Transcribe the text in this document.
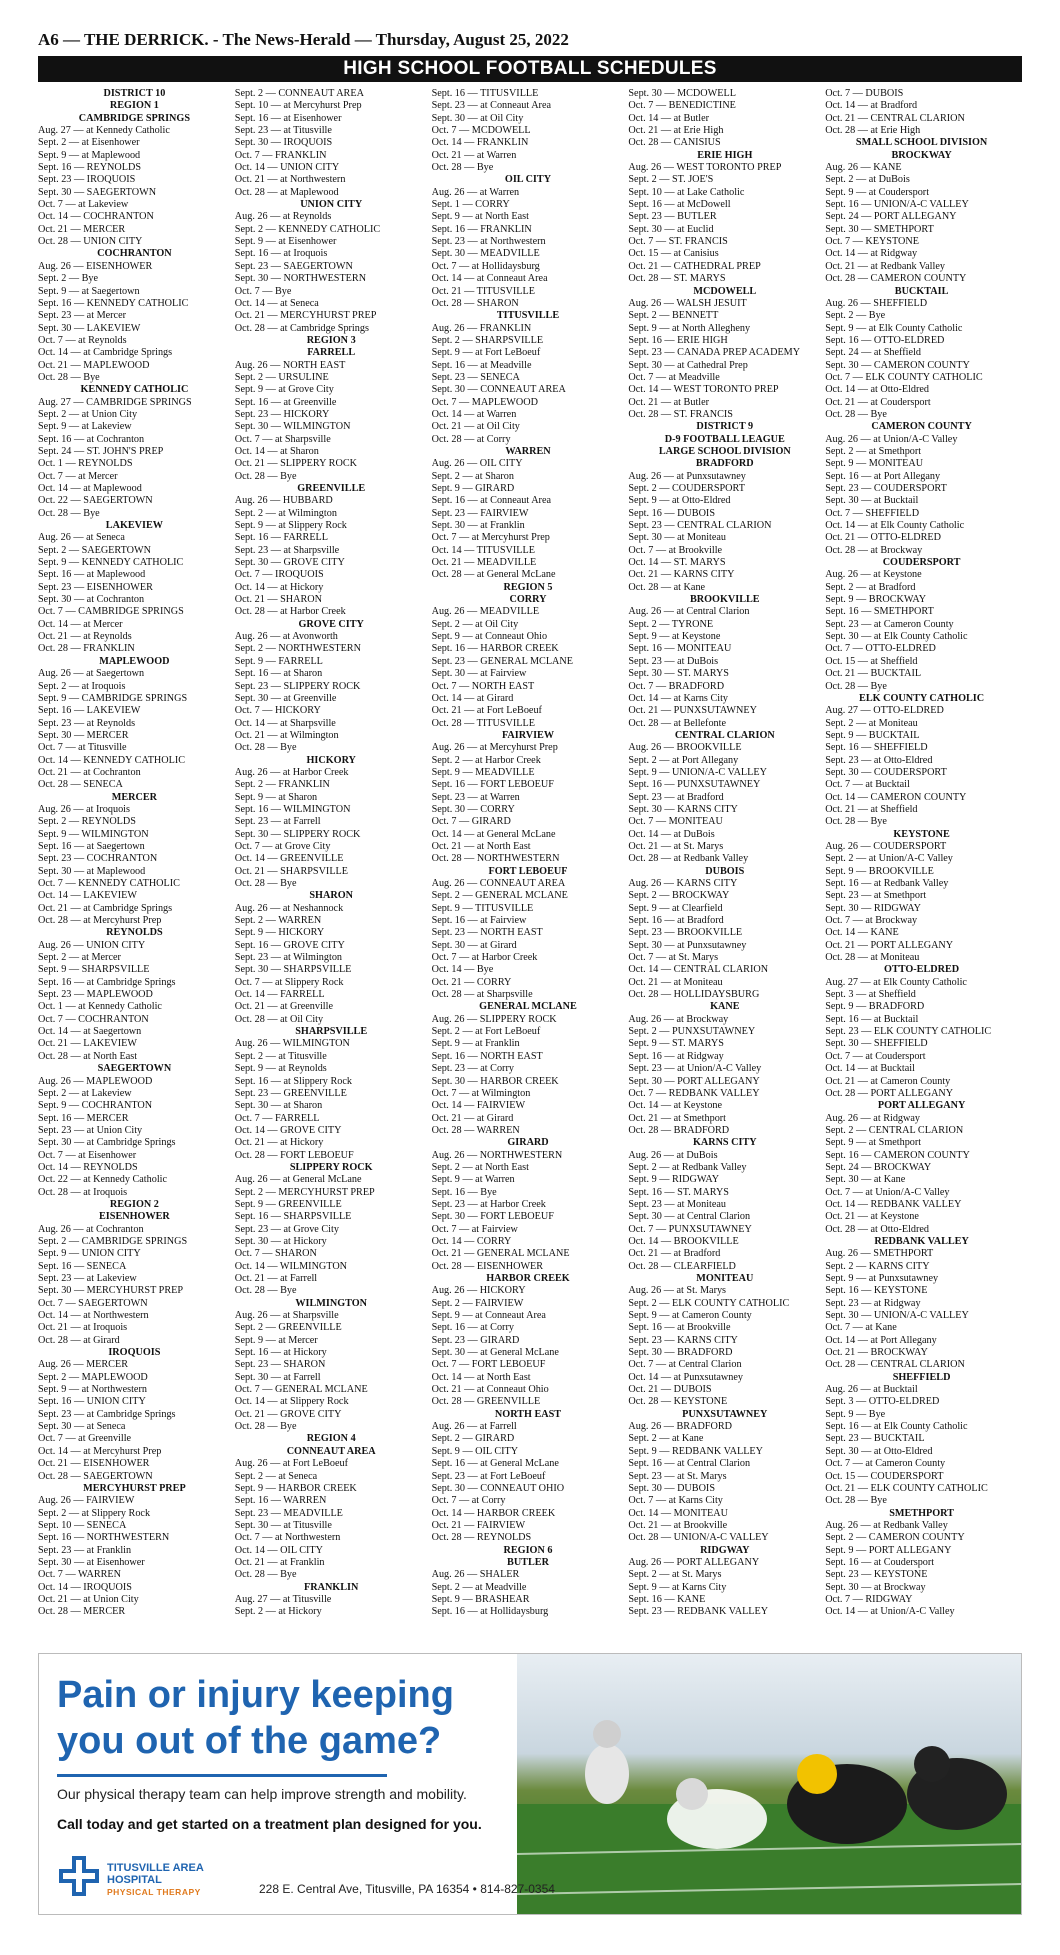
A6 — THE DERRICK. - The News-Herald — Thursday, August 25, 2022
HIGH SCHOOL FOOTBALL SCHEDULES
DISTRICT 10
REGION 1
CAMBRIDGE SPRINGS
Aug. 27 — at Kennedy Catholic
Sept. 2 — at Eisenhower
Sept. 9 — at Maplewood
Sept. 16 — REYNOLDS
Sept. 23 — IROQUOIS
Sept. 30 — SAEGERTOWN
Oct. 7 — at Lakeview
Oct. 14 — COCHRANTON
Oct. 21 — MERCER
Oct. 28 — UNION CITY
COCHRANTON
Aug. 26 — EISENHOWER
Sept. 2 — Bye
Sept. 9 — at Saegertown
Sept. 16 — KENNEDY CATHOLIC
Sept. 23 — at Mercer
Sept. 30 — LAKEVIEW
Oct. 7 — at Reynolds
Oct. 14 — at Cambridge Springs
Oct. 21 — MAPLEWOOD
Oct. 28 — Bye
KENNEDY CATHOLIC
Aug. 27 — CAMBRIDGE SPRINGS
Sept. 2 — at Union City
Sept. 9 — at Lakeview
Sept. 16 — at Cochranton
Sept. 24 — ST. JOHN'S PREP
Oct. 1 — REYNOLDS
Oct. 7 — at Mercer
Oct. 14 — at Maplewood
Oct. 22 — SAEGERTOWN
Oct. 28 — Bye
LAKEVIEW
Aug. 26 — at Seneca
Sept. 2 — SAEGERTOWN
Sept. 9 — KENNEDY CATHOLIC
Sept. 16 — at Maplewood
Sept. 23 — EISENHOWER
Sept. 30 — at Cochranton
Oct. 7 — CAMBRIDGE SPRINGS
Oct. 14 — at Mercer
Oct. 21 — at Reynolds
Oct. 28 — FRANKLIN
MAPLEWOOD
Aug. 26 — at Saegertown
Sept. 2 — at Iroquois
Sept. 9 — CAMBRIDGE SPRINGS
Sept. 16 — LAKEVIEW
Sept. 23 — at Reynolds
Sept. 30 — MERCER
Oct. 7 — at Titusville
Oct. 14 — KENNEDY CATHOLIC
Oct. 21 — at Cochranton
Oct. 28 — SENECA
MERCER
Aug. 26 — at Iroquois
Sept. 2 — REYNOLDS
Sept. 9 — WILMINGTON
Sept. 16 — at Saegertown
Sept. 23 — COCHRANTON
Sept. 30 — at Maplewood
Oct. 7 — KENNEDY CATHOLIC
Oct. 14 — LAKEVIEW
Oct. 21 — at Cambridge Springs
Oct. 28 — at Mercyhurst Prep
REYNOLDS
Aug. 26 — UNION CITY
Sept. 2 — at Mercer
Sept. 9 — SHARPSVILLE
Sept. 16 — at Cambridge Springs
Sept. 23 — MAPLEWOOD
Oct. 1 — at Kennedy Catholic
Oct. 7 — COCHRANTON
Oct. 14 — at Saegertown
Oct. 21 — LAKEVIEW
Oct. 28 — at North East
SAEGERTOWN
Aug. 26 — MAPLEWOOD
Sept. 2 — at Lakeview
Sept. 9 — COCHRANTON
Sept. 16 — MERCER
Sept. 23 — at Union City
Sept. 30 — at Cambridge Springs
Oct. 7 — at Eisenhower
Oct. 14 — REYNOLDS
Oct. 22 — at Kennedy Catholic
Oct. 28 — at Iroquois
REGION 2
EISENHOWER
Aug. 26 — at Cochranton
Sept. 2 — CAMBRIDGE SPRINGS
Sept. 9 — UNION CITY
Sept. 16 — SENECA
Sept. 23 — at Lakeview
Sept. 30 — MERCYHURST PREP
Oct. 7 — SAEGERTOWN
Oct. 14 — at Northwestern
Oct. 21 — at Iroquois
Oct. 28 — at Girard
IROQUOIS
Aug. 26 — MERCER
Sept. 2 — MAPLEWOOD
Sept. 9 — at Northwestern
Sept. 16 — UNION CITY
Sept. 23 — at Cambridge Springs
Sept. 30 — at Seneca
Oct. 7 — at Greenville
Oct. 14 — at Mercyhurst Prep
Oct. 21 — EISENHOWER
Oct. 28 — SAEGERTOWN
MERCYHURST PREP
Aug. 26 — FAIRVIEW
Sept. 2 — at Slippery Rock
Sept. 10 — SENECA
Sept. 16 — NORTHWESTERN
Sept. 23 — at Franklin
Sept. 30 — at Eisenhower
Oct. 7 — WARREN
Oct. 14 — IROQUOIS
Oct. 21 — at Union City
Oct. 28 — MERCER
Sept. 2 — CONNEAUT AREA
Sept. 10 — at Mercyhurst Prep
Sept. 16 — at Eisenhower
Sept. 23 — at Titusville
Sept. 30 — IROQUOIS
Oct. 7 — FRANKLIN
Oct. 14 — UNION CITY
Oct. 21 — at Northwestern
Oct. 28 — at Maplewood
UNION CITY
Aug. 26 — at Reynolds
Sept. 2 — KENNEDY CATHOLIC
Sept. 9 — at Eisenhower
Sept. 16 — at Iroquois
Sept. 23 — SAEGERTOWN
Sept. 30 — NORTHWESTERN
Oct. 7 — Bye
Oct. 14 — at Seneca
Oct. 21 — MERCYHURST PREP
Oct. 28 — at Cambridge Springs
REGION 3
FARRELL
Aug. 26 — NORTH EAST
Sept. 2 — URSULINE
Sept. 9 — at Grove City
Sept. 16 — at Greenville
Sept. 23 — HICKORY
Sept. 30 — WILMINGTON
Oct. 7 — at Sharpsville
Oct. 14 — at Sharon
Oct. 21 — SLIPPERY ROCK
Oct. 28 — Bye
GREENVILLE
Aug. 26 — HUBBARD
Sept. 2 — at Wilmington
Sept. 9 — at Slippery Rock
Sept. 16 — FARRELL
Sept. 23 — at Sharpsville
Sept. 30 — GROVE CITY
Oct. 7 — IROQUOIS
Oct. 14 — at Hickory
Oct. 21 — SHARON
Oct. 28 — at Harbor Creek
GROVE CITY
Aug. 26 — at Avonworth
Sept. 2 — NORTHWESTERN
Sept. 9 — FARRELL
Sept. 16 — at Sharon
Sept. 23 — SLIPPERY ROCK
Sept. 30 — at Greenville
Oct. 7 — HICKORY
Oct. 14 — at Sharpsville
Oct. 21 — at Wilmington
Oct. 28 — Bye
HICKORY
Aug. 26 — at Harbor Creek
Sept. 2 — FRANKLIN
Sept. 9 — at Sharon
Sept. 16 — WILMINGTON
Sept. 23 — at Farrell
Sept. 30 — SLIPPERY ROCK
Oct. 7 — at Grove City
Oct. 14 — GREENVILLE
Oct. 21 — SHARPSVILLE
Oct. 28 — Bye
SHARON
Aug. 26 — at Neshannock
Sept. 2 — WARREN
Sept. 9 — HICKORY
Sept. 16 — GROVE CITY
Sept. 23 — at Wilmington
Sept. 30 — SHARPSVILLE
Oct. 7 — at Slippery Rock
Oct. 14 — FARRELL
Oct. 21 — at Greenville
Oct. 28 — at Oil City
SHARPSVILLE
Aug. 26 — WILMINGTON
Sept. 2 — at Titusville
Sept. 9 — at Reynolds
Sept. 16 — at Slippery Rock
Sept. 23 — GREENVILLE
Sept. 30 — at Sharon
Oct. 7 — FARRELL
Oct. 14 — GROVE CITY
Oct. 21 — at Hickory
Oct. 28 — FORT LEBOEUF
SLIPPERY ROCK
Aug. 26 — at General McLane
Sept. 2 — MERCYHURST PREP
Sept. 9 — GREENVILLE
Sept. 16 — SHARPSVILLE
Sept. 23 — at Grove City
Sept. 30 — at Hickory
Oct. 7 — SHARON
Oct. 14 — WILMINGTON
Oct. 21 — at Farrell
Oct. 28 — Bye
WILMINGTON
Aug. 26 — at Sharpsville
Sept. 2 — GREENVILLE
Sept. 9 — at Mercer
Sept. 16 — at Hickory
Sept. 23 — SHARON
Sept. 30 — at Farrell
Oct. 7 — GENERAL MCLANE
Oct. 14 — at Slippery Rock
Oct. 21 — GROVE CITY
Oct. 28 — Bye
REGION 4
CONNEAUT AREA
Aug. 26 — at Fort LeBoeuf
Sept. 2 — at Seneca
Sept. 9 — HARBOR CREEK
Sept. 16 — WARREN
Sept. 23 — MEADVILLE
Sept. 30 — at Titusville
Oct. 7 — at Northwestern
Oct. 14 — OIL CITY
Oct. 21 — at Franklin
Oct. 28 — Bye
FRANKLIN
Aug. 27 — at Titusville
Sept. 2 — at Hickory
Sept. 16 — TITUSVILLE
Sept. 23 — at Conneaut Area
Sept. 30 — at Oil City
Oct. 7 — MCDOWELL
Oct. 14 — FRANKLIN
Oct. 21 — at Warren
Oct. 28 — Bye
OIL CITY
Aug. 26 — at Warren
Sept. 1 — CORRY
Sept. 9 — at North East
Sept. 16 — FRANKLIN
Sept. 23 — at Northwestern
Sept. 30 — MEADVILLE
Oct. 7 — at Hollidaysburg
Oct. 14 — at Conneaut Area
Oct. 21 — TITUSVILLE
Oct. 28 — SHARON
TITUSVILLE
Aug. 26 — FRANKLIN
Sept. 2 — SHARPSVILLE
Sept. 9 — at Fort LeBoeuf
Sept. 16 — at Meadville
Sept. 23 — SENECA
Sept. 30 — CONNEAUT AREA
Oct. 7 — MAPLEWOOD
Oct. 14 — at Warren
Oct. 21 — at Oil City
Oct. 28 — at Corry
WARREN
Aug. 26 — OIL CITY
Sept. 2 — at Sharon
Sept. 9 — GIRARD
Sept. 16 — at Conneaut Area
Sept. 23 — FAIRVIEW
Sept. 30 — at Franklin
Oct. 7 — at Mercyhurst Prep
Oct. 14 — TITUSVILLE
Oct. 21 — MEADVILLE
Oct. 28 — at General McLane
REGION 5
CORRY
Aug. 26 — MEADVILLE
Sept. 2 — at Oil City
Sept. 9 — at Conneaut Ohio
Sept. 16 — HARBOR CREEK
Sept. 23 — GENERAL MCLANE
Sept. 30 — at Fairview
Oct. 7 — NORTH EAST
Oct. 14 — at Girard
Oct. 21 — at Fort LeBoeuf
Oct. 28 — TITUSVILLE
FAIRVIEW
Aug. 26 — at Mercyhurst Prep
Sept. 2 — at Harbor Creek
Sept. 9 — MEADVILLE
Sept. 16 — FORT LEBOEUF
Sept. 23 — at Warren
Sept. 30 — CORRY
Oct. 7 — GIRARD
Oct. 14 — at General McLane
Oct. 21 — at North East
Oct. 28 — NORTHWESTERN
FORT LEBOEUF
Aug. 26 — CONNEAUT AREA
Sept. 2 — GENERAL MCLANE
Sept. 9 — TITUSVILLE
Sept. 16 — at Fairview
Sept. 23 — NORTH EAST
Sept. 30 — at Girard
Oct. 7 — at Harbor Creek
Oct. 14 — Bye
Oct. 21 — CORRY
Oct. 28 — at Sharpsville
GENERAL MCLANE
Aug. 26 — SLIPPERY ROCK
Sept. 2 — at Fort LeBoeuf
Sept. 9 — at Franklin
Sept. 16 — NORTH EAST
Sept. 23 — at Corry
Sept. 30 — HARBOR CREEK
Oct. 7 — at Wilmington
Oct. 14 — FAIRVIEW
Oct. 21 — at Girard
Oct. 28 — WARREN
GIRARD
Aug. 26 — NORTHWESTERN
Sept. 2 — at North East
Sept. 9 — at Warren
Sept. 16 — Bye
Sept. 23 — at Harbor Creek
Sept. 30 — FORT LEBOEUF
Oct. 7 — at Fairview
Oct. 14 — CORRY
Oct. 21 — GENERAL MCLANE
Oct. 28 — EISENHOWER
HARBOR CREEK
Aug. 26 — HICKORY
Sept. 2 — FAIRVIEW
Sept. 9 — at Conneaut Area
Sept. 16 — at Corry
Sept. 23 — GIRARD
Sept. 30 — at General McLane
Oct. 7 — FORT LEBOEUF
Oct. 14 — at North East
Oct. 21 — at Conneaut Ohio
Oct. 28 — GREENVILLE
NORTH EAST
Aug. 26 — at Farrell
Sept. 2 — GIRARD
Sept. 9 — OIL CITY
Sept. 16 — at General McLane
Sept. 23 — at Fort LeBoeuf
Sept. 30 — CONNEAUT OHIO
Oct. 7 — at Corry
Oct. 14 — HARBOR CREEK
Oct. 21 — FAIRVIEW
Oct. 28 — REYNOLDS
REGION 6
BUTLER
Aug. 26 — SHALER
Sept. 2 — at Meadville
Sept. 9 — BRASHEAR
Sept. 16 — at Hollidaysburg
Sept. 30 — MCDOWELL
Oct. 7 — BENEDICTINE
Oct. 14 — at Butler
Oct. 21 — at Erie High
Oct. 28 — CANISIUS
ERIE HIGH
Aug. 26 — WEST TORONTO PREP
Sept. 2 — ST. JOE'S
Sept. 10 — at Lake Catholic
Sept. 16 — at McDowell
Sept. 23 — BUTLER
Sept. 30 — at Euclid
Oct. 7 — ST. FRANCIS
Oct. 15 — at Canisius
Oct. 21 — CATHEDRAL PREP
Oct. 28 — ST. MARYS
MCDOWELL
Aug. 26 — WALSH JESUIT
Sept. 2 — BENNETT
Sept. 9 — at North Allegheny
Sept. 16 — ERIE HIGH
Sept. 23 — CANADA PREP ACADEMY
Sept. 30 — at Cathedral Prep
Oct. 7 — at Meadville
Oct. 14 — WEST TORONTO PREP
Oct. 21 — at Butler
Oct. 28 — ST. FRANCIS
DISTRICT 9
D-9 FOOTBALL LEAGUE
LARGE SCHOOL DIVISION
BRADFORD
Aug. 26 — at Punxsutawney
Sept. 2 — COUDERSPORT
Sept. 9 — at Otto-Eldred
Sept. 16 — DUBOIS
Sept. 23 — CENTRAL CLARION
Sept. 30 — at Moniteau
Oct. 7 — at Brookville
Oct. 14 — ST. MARYS
Oct. 21 — KARNS CITY
Oct. 28 — at Kane
BROOKVILLE
Aug. 26 — at Central Clarion
Sept. 2 — TYRONE
Sept. 9 — at Keystone
Sept. 16 — MONITEAU
Sept. 23 — at DuBois
Sept. 30 — ST. MARYS
Oct. 7 — BRADFORD
Oct. 14 — at Karns City
Oct. 21 — PUNXSUTAWNEY
Oct. 28 — at Bellefonte
CENTRAL CLARION
Aug. 26 — BROOKVILLE
Sept. 2 — at Port Allegany
Sept. 9 — UNION/A-C VALLEY
Sept. 16 — PUNXSUTAWNEY
Sept. 23 — at Bradford
Sept. 30 — KARNS CITY
Oct. 7 — MONITEAU
Oct. 14 — at DuBois
Oct. 21 — at St. Marys
Oct. 28 — at Redbank Valley
DUBOIS
Aug. 26 — KARNS CITY
Sept. 2 — BROCKWAY
Sept. 9 — at Clearfield
Sept. 16 — at Bradford
Sept. 23 — BROOKVILLE
Sept. 30 — at Punxsutawney
Oct. 7 — at St. Marys
Oct. 14 — CENTRAL CLARION
Oct. 21 — at Moniteau
Oct. 28 — HOLLIDAYSBURG
KANE
Aug. 26 — at Brockway
Sept. 2 — PUNXSUTAWNEY
Sept. 9 — ST. MARYS
Sept. 16 — at Ridgway
Sept. 23 — at Union/A-C Valley
Sept. 30 — PORT ALLEGANY
Oct. 7 — REDBANK VALLEY
Oct. 14 — at Keystone
Oct. 21 — at Smethport
Oct. 28 — BRADFORD
KARNS CITY
Aug. 26 — at DuBois
Sept. 2 — at Redbank Valley
Sept. 9 — RIDGWAY
Sept. 16 — ST. MARYS
Sept. 23 — at Moniteau
Sept. 30 — at Central Clarion
Oct. 7 — PUNXSUTAWNEY
Oct. 14 — BROOKVILLE
Oct. 21 — at Bradford
Oct. 28 — CLEARFIELD
MONITEAU
Aug. 26 — at St. Marys
Sept. 2 — ELK COUNTY CATHOLIC
Sept. 9 — at Cameron County
Sept. 16 — at Brookville
Sept. 23 — KARNS CITY
Sept. 30 — BRADFORD
Oct. 7 — at Central Clarion
Oct. 14 — at Punxsutawney
Oct. 21 — DUBOIS
Oct. 28 — KEYSTONE
PUNXSUTAWNEY
Aug. 26 — BRADFORD
Sept. 2 — at Kane
Sept. 9 — REDBANK VALLEY
Sept. 16 — at Central Clarion
Sept. 23 — at St. Marys
Sept. 30 — DUBOIS
Oct. 7 — at Karns City
Oct. 14 — MONITEAU
Oct. 21 — at Brookville
Oct. 28 — UNION/A-C VALLEY
RIDGWAY
Aug. 26 — PORT ALLEGANY
Sept. 2 — at St. Marys
Sept. 9 — at Karns City
Sept. 16 — KANE
Sept. 23 — REDBANK VALLEY
Oct. 7 — DUBOIS
Oct. 14 — at Bradford
Oct. 21 — CENTRAL CLARION
Oct. 28 — at Erie High
SMALL SCHOOL DIVISION
BROCKWAY
Aug. 26 — KANE
Sept. 2 — at DuBois
Sept. 9 — at Coudersport
Sept. 16 — UNION/A-C VALLEY
Sept. 24 — PORT ALLEGANY
Sept. 30 — SMETHPORT
Oct. 7 — KEYSTONE
Oct. 14 — at Ridgway
Oct. 21 — at Redbank Valley
Oct. 28 — CAMERON COUNTY
BUCKTAIL
Aug. 26 — SHEFFIELD
Sept. 2 — Bye
Sept. 9 — at Elk County Catholic
Sept. 16 — OTTO-ELDRED
Sept. 24 — at Sheffield
Sept. 30 — CAMERON COUNTY
Oct. 7 — ELK COUNTY CATHOLIC
Oct. 14 — at Otto-Eldred
Oct. 21 — at Coudersport
Oct. 28 — Bye
CAMERON COUNTY
Aug. 26 — at Union/A-C Valley
Sept. 2 — at Smethport
Sept. 9 — MONITEAU
Sept. 16 — at Port Allegany
Sept. 23 — COUDERSPORT
Sept. 30 — at Bucktail
Oct. 7 — SHEFFIELD
Oct. 14 — at Elk County Catholic
Oct. 21 — OTTO-ELDRED
Oct. 28 — at Brockway
COUDERSPORT
Aug. 26 — at Keystone
Sept. 2 — at Bradford
Sept. 9 — BROCKWAY
Sept. 16 — SMETHPORT
Sept. 23 — at Cameron County
Sept. 30 — at Elk County Catholic
Oct. 7 — OTTO-ELDRED
Oct. 15 — at Sheffield
Oct. 21 — BUCKTAIL
Oct. 28 — Bye
ELK COUNTY CATHOLIC
Aug. 27 — OTTO-ELDRED
Sept. 2 — at Moniteau
Sept. 9 — BUCKTAIL
Sept. 16 — SHEFFIELD
Sept. 23 — at Otto-Eldred
Sept. 30 — COUDERSPORT
Oct. 7 — at Bucktail
Oct. 14 — CAMERON COUNTY
Oct. 21 — at Sheffield
Oct. 28 — Bye
KEYSTONE
Aug. 26 — COUDERSPORT
Sept. 2 — at Union/A-C Valley
Sept. 9 — BROOKVILLE
Sept. 16 — at Redbank Valley
Sept. 23 — at Smethport
Sept. 30 — RIDGWAY
Oct. 7 — at Brockway
Oct. 14 — KANE
Oct. 21 — PORT ALLEGANY
Oct. 28 — at Moniteau
OTTO-ELDRED
Aug. 27 — at Elk County Catholic
Sept. 3 — at Sheffield
Sept. 9 — BRADFORD
Sept. 16 — at Bucktail
Sept. 23 — ELK COUNTY CATHOLIC
Sept. 30 — SHEFFIELD
Oct. 7 — at Coudersport
Oct. 14 — at Bucktail
Oct. 21 — at Cameron County
Oct. 28 — PORT ALLEGANY
PORT ALLEGANY
Aug. 26 — at Ridgway
Sept. 2 — CENTRAL CLARION
Sept. 9 — at Smethport
Sept. 16 — CAMERON COUNTY
Sept. 24 — BROCKWAY
Sept. 30 — at Kane
Oct. 7 — at Union/A-C Valley
Oct. 14 — REDBANK VALLEY
Oct. 21 — at Keystone
Oct. 28 — at Otto-Eldred
REDBANK VALLEY
Aug. 26 — SMETHPORT
Sept. 2 — KARNS CITY
Sept. 9 — at Punxsutawney
Sept. 16 — KEYSTONE
Sept. 23 — at Ridgway
Sept. 30 — UNION/A-C VALLEY
Oct. 7 — at Kane
Oct. 14 — at Port Allegany
Oct. 21 — BROCKWAY
Oct. 28 — CENTRAL CLARION
SHEFFIELD
Aug. 26 — at Bucktail
Sept. 3 — OTTO-ELDRED
Sept. 9 — Bye
Sept. 16 — at Elk County Catholic
Sept. 23 — BUCKTAIL
Sept. 30 — at Otto-Eldred
Oct. 7 — at Cameron County
Oct. 15 — COUDERSPORT
Oct. 21 — ELK COUNTY CATHOLIC
Oct. 28 — Bye
SMETHPORT
Aug. 26 — at Redbank Valley
Sept. 2 — CAMERON COUNTY
Sept. 9 — PORT ALLEGANY
Sept. 16 — at Coudersport
Sept. 23 — KEYSTONE
Sept. 30 — at Brockway
Oct. 7 — RIDGWAY
Oct. 14 — at Union/A-C Valley
Pain or injury keeping you out of the game?
Our physical therapy team can help improve strength and mobility.
Call today and get started on a treatment plan designed for you.
TITUSVILLE AREA HOSPITAL
PHYSICAL THERAPY	228 E. Central Ave, Titusville, PA 16354 • 814-827-0354
